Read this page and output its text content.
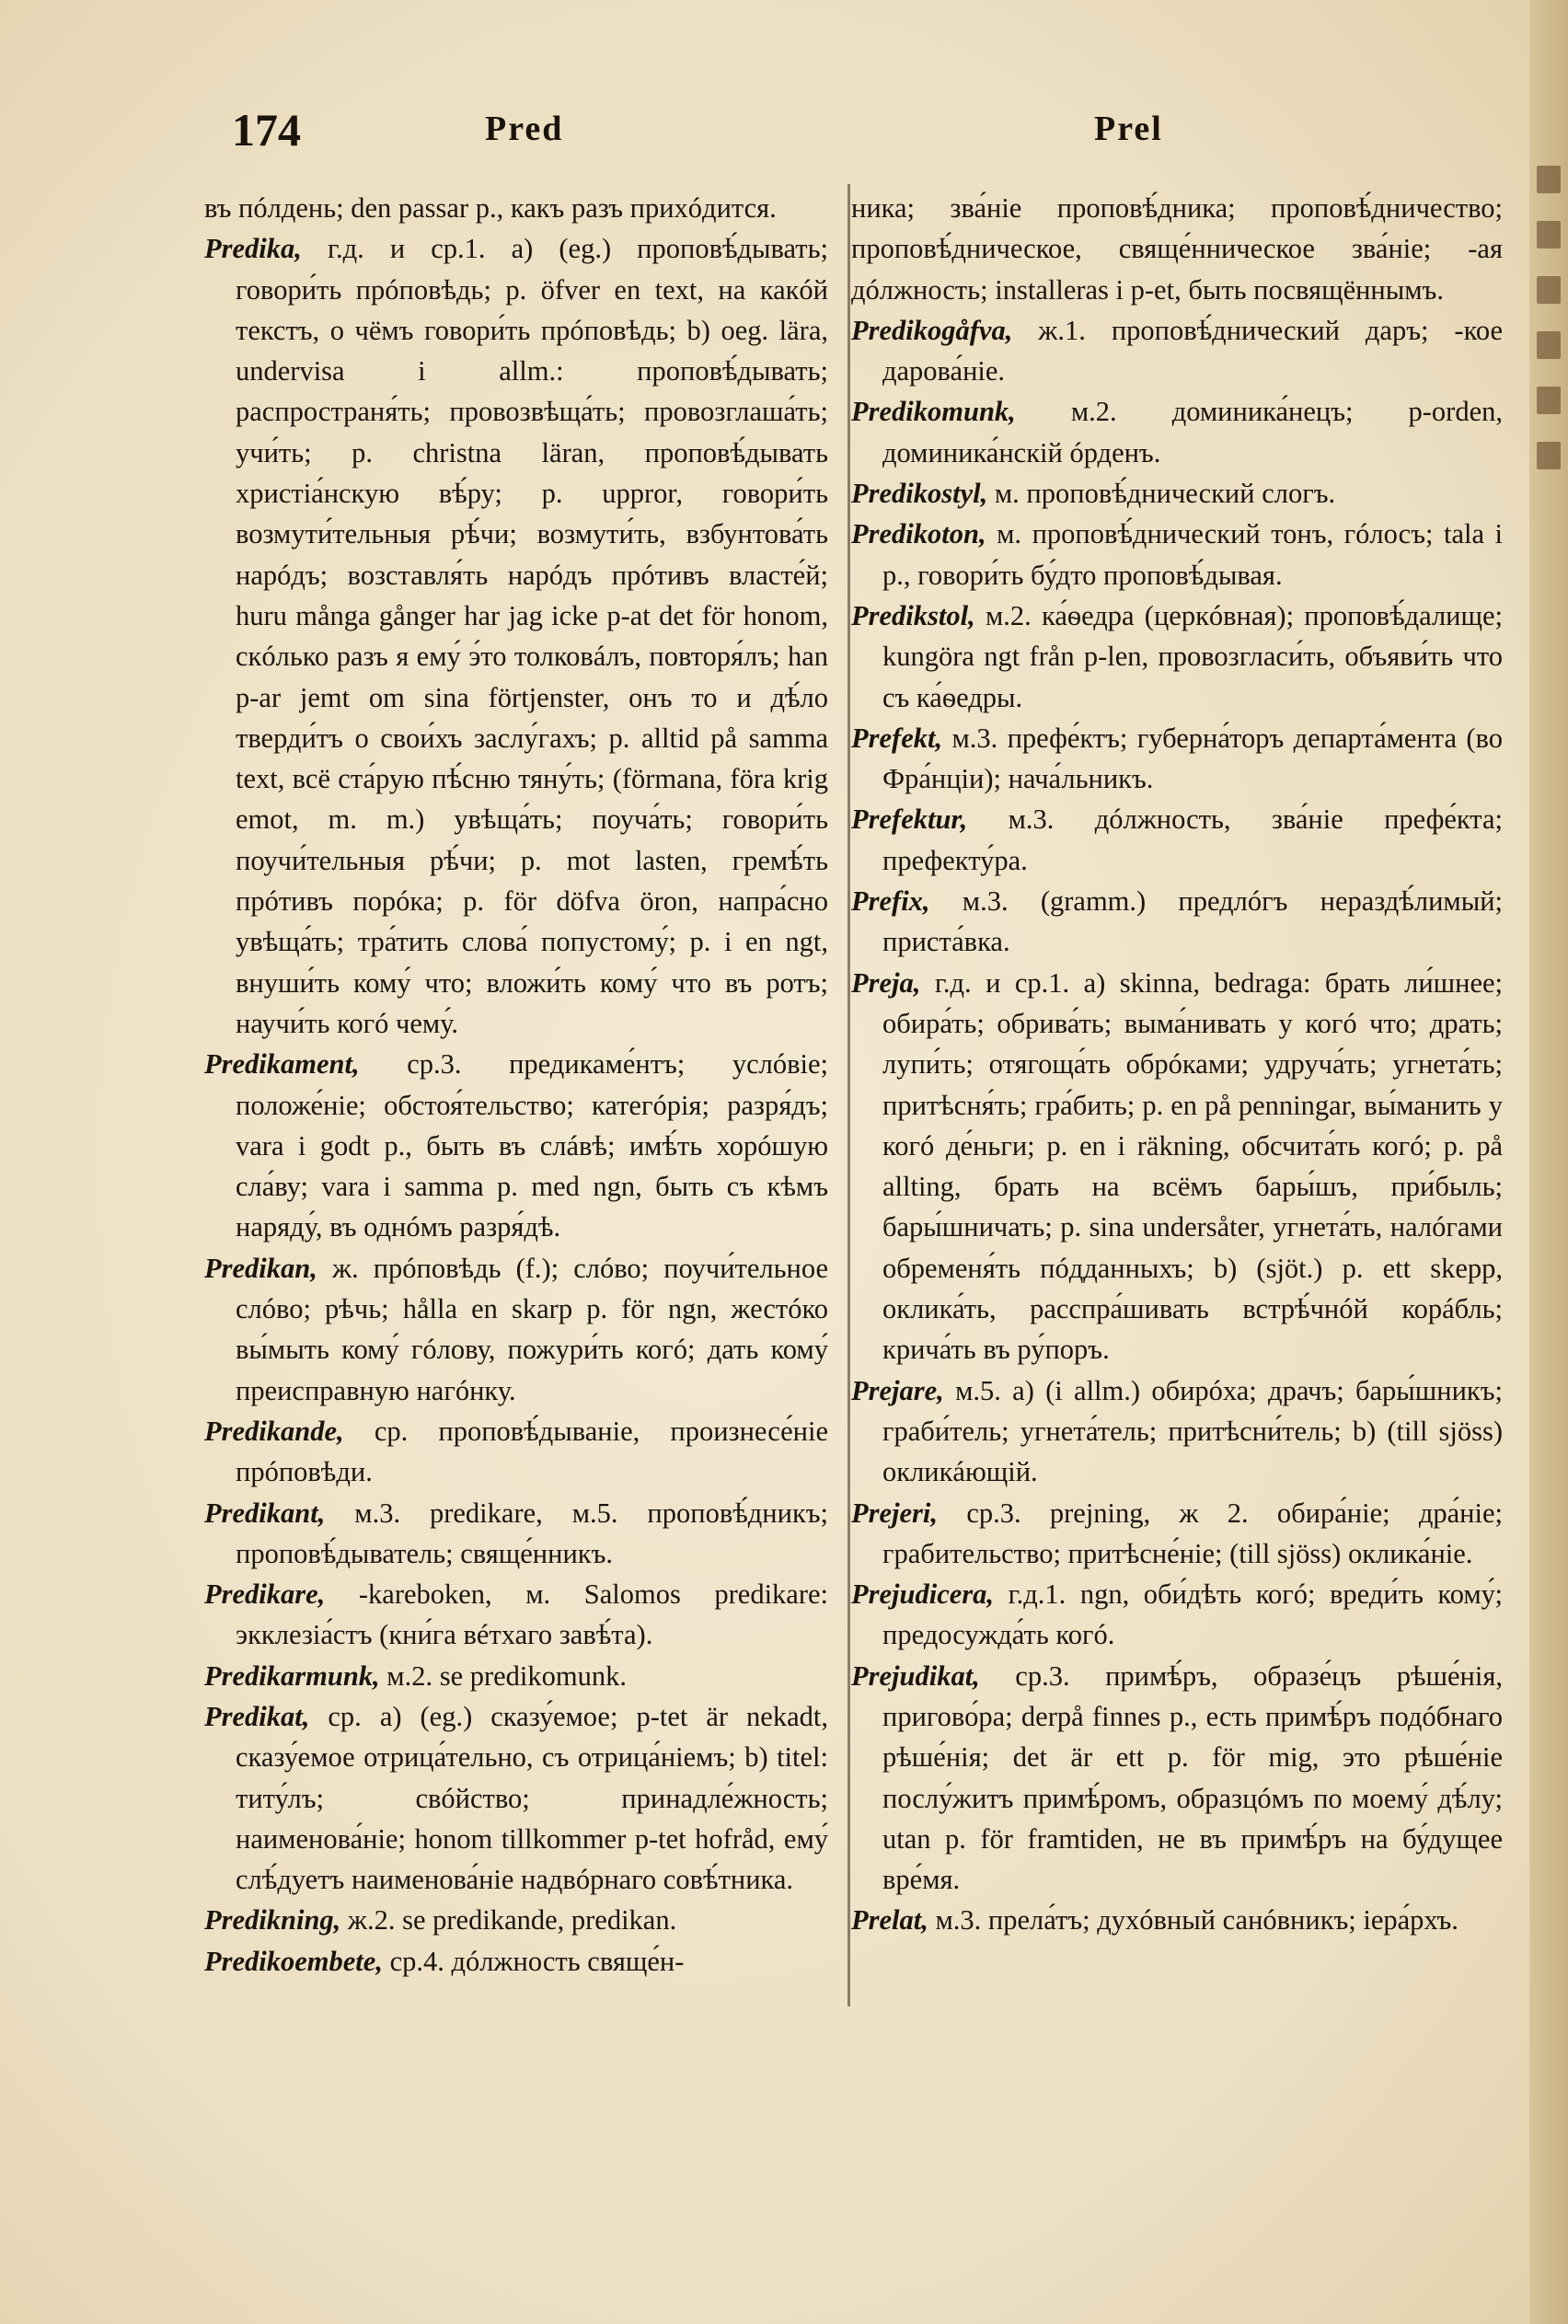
174	Pred	Prel

въ пóлдень; den passar p., какъ разъ прихóдится.

Predika, г.д. и ср.1. а) (eg.) проповѣ́дывать; говори́ть прóповѣдь; p. öfver en text, на какóй текстъ, о чёмъ говори́ть прóповѣдь; b) oeg. lära, undervisa i allm.: проповѣ́дывать; распространя́ть; провозвѣща́ть; провозглаша́ть; учи́ть; p. christna läran, проповѣ́дывать христіа́нскую вѣ́ру; p. uppror, говори́ть возмути́тельныя рѣ́чи; возмути́ть, взбунтова́ть нарóдъ; возставля́ть нарóдъ прóтивъ власте́й; huru många gånger har jag icke p-at det för honom, скóлько разъ я ему́ э́то толковáлъ, повторя́лъ; han p-ar jemt om sina förtjenster, онъ то и дѣ́ло тверди́тъ о свои́хъ заслу́гахъ; p. alltid på samma text, всё ста́рую пѣ́сню тяну́ть; (förmana, föra krig emot, m. m.) увѣща́ть; поуча́ть; говори́ть поучи́тельныя рѣ́чи; p. mot lasten, гремѣ́ть прóтивъ порóка; p. för döfva öron, напра́сно увѣща́ть; тра́тить слова́ попустому́; p. i en ngt, внуши́ть кому́ что; вложи́ть кому́ что въ ротъ; научи́ть когó чему́.

Predikament, ср.3. предикаме́нтъ; услóвіе; положе́ніе; обстоя́тельство; категóрія; разря́дъ; vara i godt p., быть въ слáвѣ; имѣ́ть хорóшую сла́ву; vara i samma p. med ngn, быть съ кѣмъ наряду́, въ однóмъ разря́дѣ.

Predikan, ж. прóповѣдь (f.); слóво; поучи́тельное слóво; рѣчь; hålla en skarp p. för ngn, жестóко вы́мыть кому́ гóлову, пожури́ть когó; дать кому́ преисправную нагóнку.

Predikande, ср. проповѣ́дываніе, произнесе́ніе прóповѣди.

Predikant, м.3. predikare, м.5. проповѣ́дникъ; проповѣ́дыватель; свяще́нникъ.

Predikare, -kareboken, м. Salomos predikare: экклезіа́стъ (кни́га вéтхаго завѣ́та).

Predikarmunk, м.2. se predikomunk.

Predikat, ср. а) (eg.) сказу́емое; p-tet är nekadt, сказу́емое отрица́тельно, съ отрица́ніемъ; b) titel: титу́лъ; свóйство; принадле́жность; наименова́ніе; honom tillkommer p-tet hofråd, ему́ слѣ́дуетъ наименова́ніе надвóрнаго совѣ́тника.

Predikning, ж.2. se predikande, predikan.

Predikoembete, ср.4. дóлжность свяще́н-

ника; зва́ніе проповѣ́дника; проповѣ́дничество; проповѣ́дническое, свяще́нническое зва́ніе; -ая дóлжность; installeras i p-et, быть посвящённымъ.

Predikogåfva, ж.1. проповѣ́днический даръ; -кое дарова́ніе.

Predikomunk, м.2. доминика́нецъ; p-orden, доминика́нскій óрденъ.

Predikostyl, м. проповѣ́днический слогъ.

Predikoton, м. проповѣ́днический тонъ, гóлосъ; tala i p., говори́ть бу́дто проповѣ́дывая.

Predikstol, м.2. ка́ѳедра (церкóвная); проповѣ́далище; kungöra ngt från p-len, провозгласи́ть, объяви́ть что съ ка́ѳедры.

Prefekt, м.3. префе́ктъ; губерна́торъ департа́мента (во Фра́нціи); нача́льникъ.

Prefektur, м.3. дóлжность, зва́ніе префе́кта; префекту́ра.

Prefix, м.3. (gramm.) предлóгъ нераздѣ́лимый; приста́вка.

Preja, г.д. и ср.1. а) skinna, bedraga: брать ли́шнее; обира́ть; обрива́ть; выма́нивать у когó что; драть; лупи́ть; отягоща́ть обрóками; удруча́ть; угнета́ть; притѣсня́ть; гра́бить; p. en på penningar, вы́манить у когó де́ньги; p. en i räkning, обсчита́ть когó; p. på allting, брать на всёмъ бары́шъ, при́быль; бары́шничать; p. sina undersåter, угнета́ть, налóгами обременя́ть пóдданныхъ; b) (sjöt.) p. ett skepp, оклика́ть, расспра́шивать встрѣ́чнóй корáбль; крича́ть въ ру́поръ.

Prejare, м.5. а) (i allm.) обирóха; драчъ; бары́шникъ; граби́тель; угнета́тель; притѣсни́тель; b) (till sjöss) окликáющій.

Prejeri, ср.3. prejning, ж 2. обира́ніе; дра́ніе; грабительство; притѣсне́ніе; (till sjöss) оклика́ніе.

Prejudicera, г.д.1. ngn, оби́дѣть когó; вреди́ть кому́; предосужда́ть когó.

Prejudikat, ср.3. примѣ́ръ, образе́цъ рѣше́нія, пригово́ра; derpå finnes p., есть примѣ́ръ подóбнаго рѣше́нія; det är ett p. för mig, это рѣше́ніе послу́житъ примѣ́ромъ, образцóмъ по моему́ дѣ́лу; utan p. för framtiden, не въ примѣ́ръ на бу́дущее вре́мя.

Prelat, м.3. прела́тъ; духóвный санóвникъ; іера́рхъ.
